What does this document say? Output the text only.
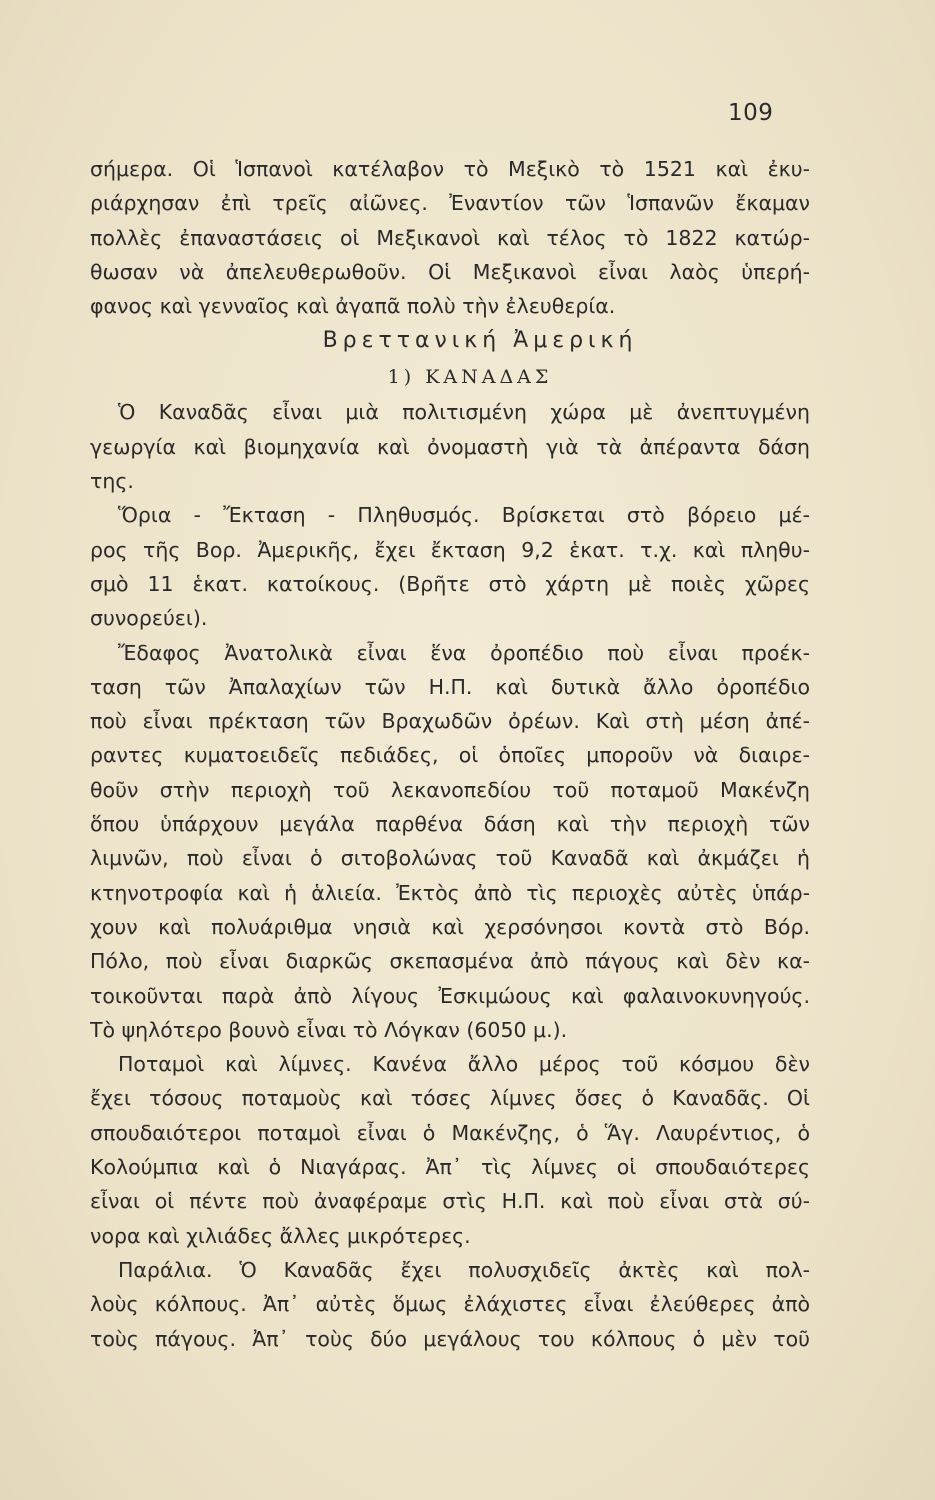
109
σήμερα. Οἱ Ἱσπανοὶ κατέλαβον τὸ Μεξικὸ τὸ 1521 καὶ ἐκυ-
ριάρχησαν ἐπὶ τρεῖς αἰῶνες. Ἐναντίον τῶν Ἱσπανῶν ἔκαμαν
πολλὲς ἐπαναστάσεις οἱ Μεξικανοὶ καὶ τέλος τὸ 1822 κατώρ-
θωσαν νὰ ἀπελευθερωθοῦν. Οἱ Μεξικανοὶ εἶναι λαὸς ὑπερή-
φανος καὶ γενναῖος καὶ ἀγαπᾶ πολὺ τὴν ἐλευθερία.
Βρεττανική Ἀμερική
1) ΚΑΝΑΔΑΣ
Ὁ Καναδᾶς εἶναι μιὰ πολιτισμένη χώρα μὲ ἀνεπτυγμένη
γεωργία καὶ βιομηχανία καὶ ὀνομαστὴ γιὰ τὰ ἀπέραντα δάση
της.
Ὅρια - Ἔκταση - Πληθυσμός. Βρίσκεται στὸ βόρειο μέ-
ρος τῆς Βορ. Ἀμερικῆς, ἔχει ἔκταση 9,2 ἑκατ. τ.χ. καὶ πληθυ-
σμὸ 11 ἑκατ. κατοίκους. (Βρῆτε στὸ χάρτη μὲ ποιὲς χῶρες
συνορεύει).
Ἔδαφος Ἀνατολικὰ εἶναι ἕνα ὀροπέδιο ποὺ εἶναι προέκ-
ταση τῶν Ἀπαλαχίων τῶν Η.Π. καὶ δυτικὰ ἄλλο ὀροπέδιο
ποὺ εἶναι πρέκταση τῶν Βραχωδῶν ὀρέων. Καὶ στὴ μέση ἀπέ-
ραντες κυματοειδεῖς πεδιάδες, οἱ ὁποῖες μποροῦν νὰ διαιρε-
θοῦν στὴν περιοχὴ τοῦ λεκανοπεδίου τοῦ ποταμοῦ Μακένζη
ὅπου ὑπάρχουν μεγάλα παρθένα δάση καὶ τὴν περιοχὴ τῶν
λιμνῶν, ποὺ εἶναι ὁ σιτοβολώνας τοῦ Καναδᾶ καὶ ἀκμάζει ἡ
κτηνοτροφία καὶ ἡ ἁλιεία. Ἐκτὸς ἀπὸ τὶς περιοχὲς αὐτὲς ὑπάρ-
χουν καὶ πολυάριθμα νησιὰ καὶ χερσόνησοι κοντὰ στὸ Βόρ.
Πόλο, ποὺ εἶναι διαρκῶς σκεπασμένα ἀπὸ πάγους καὶ δὲν κα-
τοικοῦνται παρὰ ἀπὸ λίγους Ἐσκιμώους καὶ φαλαινοκυνηγούς.
Τὸ ψηλότερο βουνὸ εἶναι τὸ Λόγκαν (6050 μ.).
Ποταμοὶ καὶ λίμνες. Κανένα ἄλλο μέρος τοῦ κόσμου δὲν
ἔχει τόσους ποταμοὺς καὶ τόσες λίμνες ὅσες ὁ Καναδᾶς. Οἱ
σπουδαιότεροι ποταμοὶ εἶναι ὁ Μακένζης, ὁ Ἅγ. Λαυρέντιος, ὁ
Κολούμπια καὶ ὁ Νιαγάρας. Ἀπ᾽ τὶς λίμνες οἱ σπουδαιότερες
εἶναι οἱ πέντε ποὺ ἀναφέραμε στὶς Η.Π. καὶ ποὺ εἶναι στὰ σύ-
νορα καὶ χιλιάδες ἄλλες μικρότερες.
Παράλια. Ὁ Καναδᾶς ἔχει πολυσχιδεῖς ἀκτὲς καὶ πολ-
λοὺς κόλπους. Ἀπ᾽ αὐτὲς ὅμως ἐλάχιστες εἶναι ἐλεύθερες ἀπὸ
τοὺς πάγους. Ἀπ᾽ τοὺς δύο μεγάλους του κόλπους ὁ μὲν τοῦ
